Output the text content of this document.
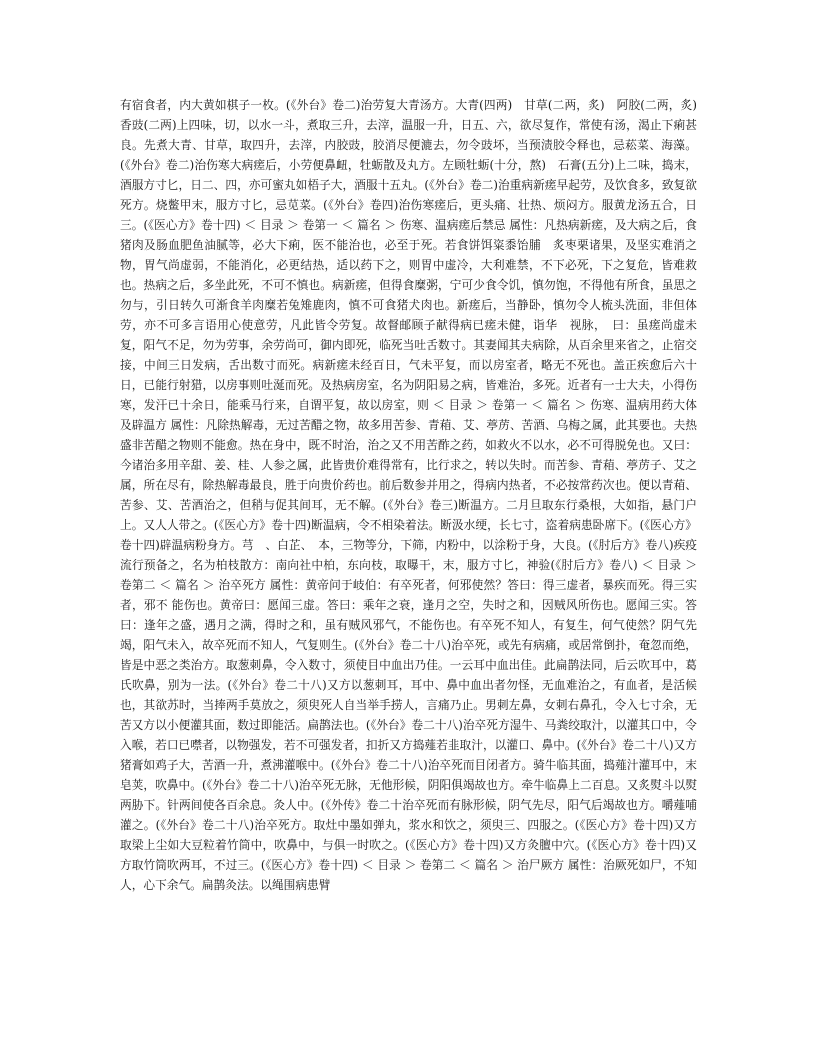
有宿食者，内大黄如棋子一枚。(《外台》卷二)治劳复大青汤方。大青(四两)　甘草(二两，炙)　阿胶(二两，炙)　香豉(二两)上四味，切，以水一斗，煮取三升，去滓，温服一升，日五、六，欲尽复作，常使有汤，渴止下痢甚良。先煮大青、甘草，取四升，去滓，内胶豉，胶消尽便漉去，勿令豉坏，当预渍胶令释也，忌菘菜、海藻。(《外台》卷二)治伤寒大病瘥后，小劳便鼻衄，牡蛎散及丸方。左顾牡蛎(十分，熬)　石膏(五分)上二味，捣末，酒服方寸匕，日二、四，亦可蜜丸如梧子大，酒服十五丸。(《外台》卷二)治重病新瘥早起劳，及饮食多，致复欲死方。烧鳖甲末，服方寸匕，忌苋菜。(《外台》卷四)治伤寒瘥后，更头痛、壮热、烦闷方。服黄龙汤五合，日三。(《医心方》卷十四) ＜ 目录 ＞ 卷第一 ＜ 篇名 ＞ 伤寒、温病瘥后禁忌 属性：凡热病新瘥，及大病之后，食猪肉及肠血肥鱼油腻等，必大下痢，医不能治也，必至于死。若食饼饵粢黍饴脯　炙枣栗诸果，及坚实难消之物，胃气尚虚弱，不能消化，必更结热，适以药下之，则胃中虚冷，大利难禁，不下必死，下之复危，皆难救也。热病之后，多坐此死，不可不慎也。病新瘥，但得食糜粥，宁可少食令饥，慎勿饱，不得他有所食，虽思之勿与，引日转久可渐食羊肉糜若兔雉鹿肉，慎不可食猪犬肉也。新瘥后，当静卧，慎勿令人梳头洗面，非但体劳，亦不可多言语用心使意劳，凡此皆令劳复。故督邮顾子献得病已瘥未健，诣华　视脉，　曰：虽瘥尚虚未复，阳气不足，勿为劳事，余劳尚可，御内即死，临死当吐舌数寸。其妻闻其夫病除，从百余里来省之，止宿交接，中间三日发病，舌出数寸而死。病新瘥未经百日，气未平复，而以房室者，略无不死也。盖正疾愈后六十日，已能行射猎，以房事则吐涎而死。及热病房室，名为阴阳易之病，皆难治，多死。近者有一士大夫，小得伤寒，发汗已十余日，能乘马行来，自谓平复，故以房室，则 ＜ 目录 ＞ 卷第一 ＜ 篇名 ＞ 伤寒、温病用药大体及辟温方 属性：凡除热解毒，无过苦醋之物，故多用苦参、青葙、艾、葶苈、苦酒、乌梅之属，此其要也。夫热盛非苦醋之物则不能愈。热在身中，既不时治，治之又不用苦酢之药，如救火不以水，必不可得脱免也。又曰：今诸治多用辛甜、姜、桂、人参之属，此皆贵价难得常有，比行求之，转以失时。而苦参、青葙、葶苈子、艾之属，所在尽有，除热解毒最良，胜于向贵价药也。前后数参并用之，得病内热者，不必按常药次也。便以青葙、苦参、艾、苦酒治之，但稍与促其间耳，无不解。(《外台》卷三)断温方。二月旦取东行桑根，大如指，悬门户上。又人人带之。(《医心方》卷十四)断温病，令不相染着法。断汲水绠，长七寸，盗着病患卧席下。(《医心方》卷十四)辟温病粉身方。芎　、白芷、　本，三物等分，下筛，内粉中，以涂粉于身，大良。(《肘后方》卷八)疾疫流行预备之，名为柏枝散方：南向社中柏，东向枝，取曝干，末，服方寸匕，神验(《肘后方》卷八) ＜ 目录 ＞ 卷第二 ＜ 篇名 ＞ 治卒死方 属性：黄帝问于岐伯：有卒死者，何邪使然？答曰：得三虚者，暴疾而死。得三实者，邪不 能伤也。黄帝曰：愿闻三虚。答曰：乘年之衰，逢月之空，失时之和，因贼风所伤也。愿闻三实。答曰：逢年之盛，遇月之满，得时之和，虽有贼风邪气，不能伤也。有卒死不知人，有复生，何气使然？阴气先竭，阳气未入，故卒死而不知人，气复则生。(《外台》卷二十八)治卒死，或先有病痛，或居常倒扑，奄忽而绝，皆是中恶之类治方。取葱刺鼻，令入数寸，须使目中血出乃佳。一云耳中血出佳。此扁鹊法同，后云吹耳中，葛氏吹鼻，别为一法。(《外台》卷二十八)又方以葱刺耳，耳中、鼻中血出者勿怪，无血难治之，有血者，是活候也，其欲苏时，当捧两手莫放之，须臾死人自当举手捞人，言痛乃止。男刺左鼻，女刺右鼻孔，令入七寸余，无苦又方以小便灌其面，数过即能活。扁鹊法也。(《外台》卷二十八)治卒死方湿牛、马粪绞取汁，以灌其口中，令入喉，若口已噤者，以物强发，若不可强发者，扣折又方捣薤若韭取汁，以灌口、鼻中。(《外台》卷二十八)又方猪膏如鸡子大，苦酒一升，煮沸灌喉中。(《外台》卷二十八)治卒死而目闭者方。骑牛临其面，捣薤汁灌耳中，末皂荚，吹鼻中。(《外台》卷二十八)治卒死无脉，无他形候，阴阳俱竭故也方。牵牛临鼻上二百息。又炙熨斗以熨两胁下。针两间使各百余息。灸人中。(《外传》卷二十治卒死而有脉形候，阴气先尽，阳气后竭故也方。嚼薤哺灌之。(《外台》卷二十八)治卒死方。取灶中墨如弹丸，浆水和饮之，须臾三、四服之。(《医心方》卷十四)又方取梁上尘如大豆粒着竹筒中，吹鼻中，与俱一时吹之。(《医心方》卷十四)又方灸膻中穴。(《医心方》卷十四)又方取竹筒吹两耳，不过三。(《医心方》卷十四) ＜ 目录 ＞ 卷第二 ＜ 篇名 ＞ 治尸厥方 属性：治厥死如尸，不知人，心下余气。扁鹊灸法。以绳围病患臂
